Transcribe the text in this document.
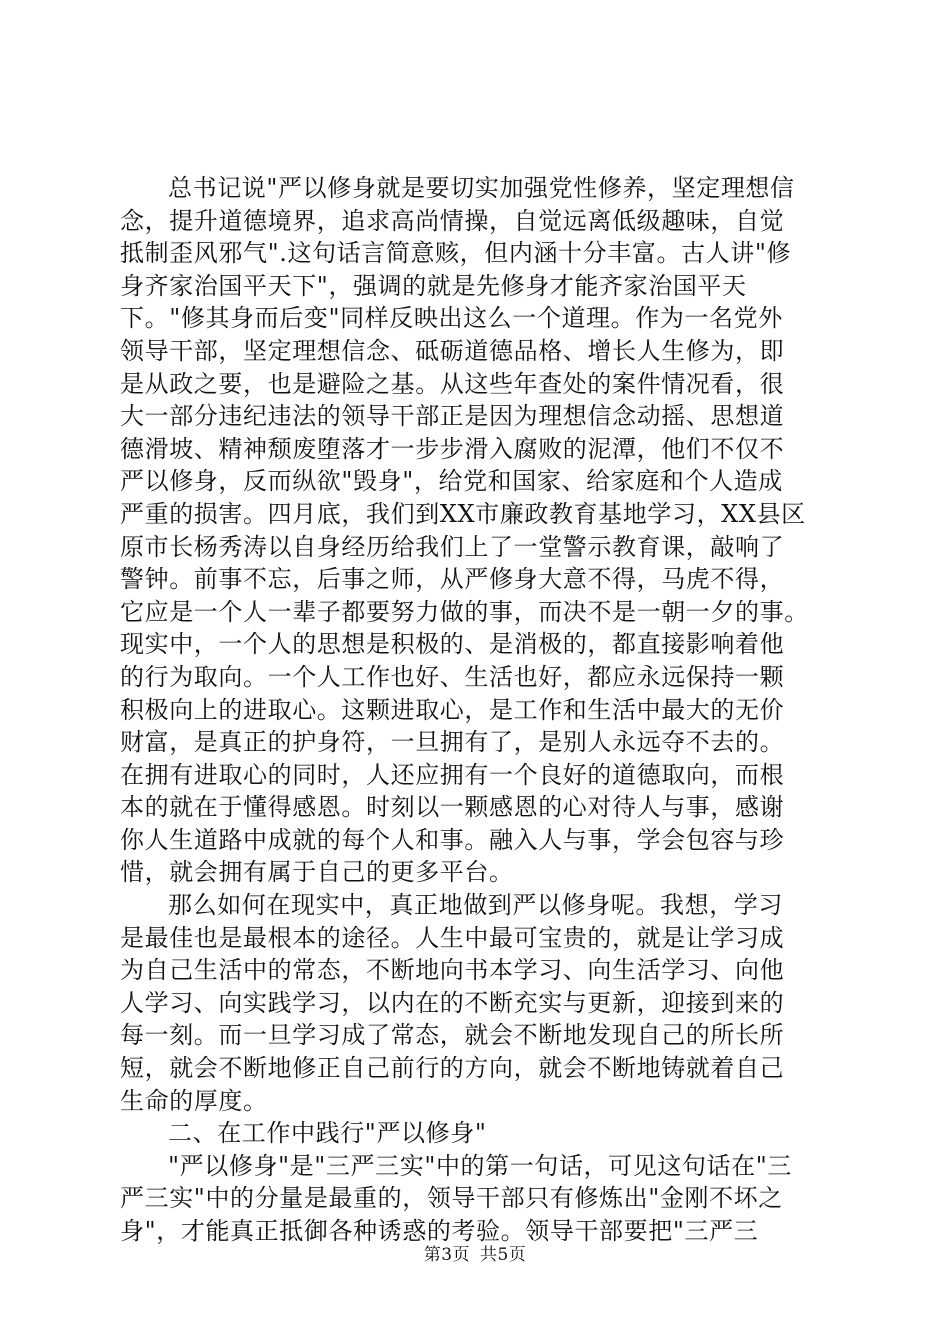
总书记说"严以修身就是要切实加强党性修养，坚定理想信
念，提升道德境界，追求高尚情操，自觉远离低级趣味，自觉
抵制歪风邪气".这句话言简意赅，但内涵十分丰富。古人讲"修
身齐家治国平天下"，强调的就是先修身才能齐家治国平天
下。"修其身而后变"同样反映出这么一个道理。作为一名党外
领导干部，坚定理想信念、砥砺道德品格、增长人生修为，即
是从政之要，也是避险之基。从这些年查处的案件情况看，很
大一部分违纪违法的领导干部正是因为理想信念动摇、思想道
德滑坡、精神颓废堕落才一步步滑入腐败的泥潭，他们不仅不
严以修身，反而纵欲"毁身"，给党和国家、给家庭和个人造成
严重的损害。四月底，我们到XX市廉政教育基地学习，XX县区
原市长杨秀涛以自身经历给我们上了一堂警示教育课，敲响了
警钟。前事不忘，后事之师，从严修身大意不得，马虎不得，
它应是一个人一辈子都要努力做的事，而决不是一朝一夕的事。
现实中，一个人的思想是积极的、是消极的，都直接影响着他
的行为取向。一个人工作也好、生活也好，都应永远保持一颗
积极向上的进取心。这颗进取心，是工作和生活中最大的无价
财富，是真正的护身符，一旦拥有了，是别人永远夺不去的。
在拥有进取心的同时，人还应拥有一个良好的道德取向，而根
本的就在于懂得感恩。时刻以一颗感恩的心对待人与事，感谢
你人生道路中成就的每个人和事。融入人与事，学会包容与珍
惜，就会拥有属于自己的更多平台。
那么如何在现实中，真正地做到严以修身呢。我想，学习
是最佳也是最根本的途径。人生中最可宝贵的，就是让学习成
为自己生活中的常态，不断地向书本学习、向生活学习、向他
人学习、向实践学习，以内在的不断充实与更新，迎接到来的
每一刻。而一旦学习成了常态，就会不断地发现自己的所长所
短，就会不断地修正自己前行的方向，就会不断地铸就着自己
生命的厚度。
二、在工作中践行"严以修身"
"严以修身"是"三严三实"中的第一句话，可见这句话在"三
严三实"中的分量是最重的，领导干部只有修炼出"金刚不坏之
身"，才能真正抵御各种诱惑的考验。领导干部要把"三严三
第3页 共5页
